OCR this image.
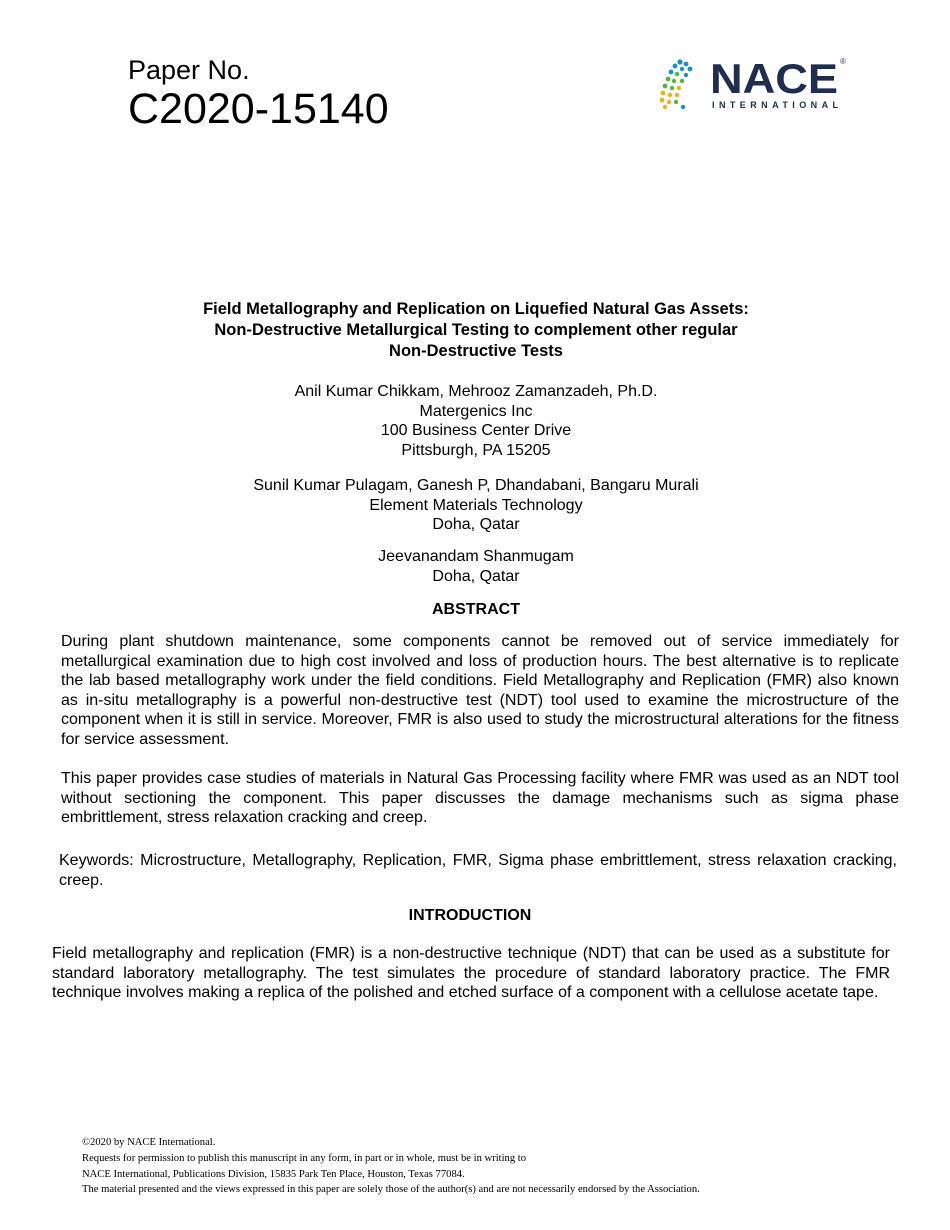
Paper No.
C2020-15140
NACE
INTERNATIONAL
®
Field Metallography and Replication on Liquefied Natural Gas Assets:
Non-Destructive Metallurgical Testing to complement other regular
Non-Destructive Tests
Anil Kumar Chikkam, Mehrooz Zamanzadeh, Ph.D.
Matergenics Inc
100 Business Center Drive
Pittsburgh, PA 15205
Sunil Kumar Pulagam, Ganesh P, Dhandabani, Bangaru Murali
Element Materials Technology
Doha, Qatar
Jeevanandam Shanmugam
Doha, Qatar
ABSTRACT
During plant shutdown maintenance, some components cannot be removed out of service immediately for metallurgical examination due to high cost involved and loss of production hours. The best alternative is to replicate the lab based metallography work under the field conditions. Field Metallography and Replication (FMR) also known as in-situ metallography is a powerful non-destructive test (NDT) tool used to examine the microstructure of the component when it is still in service. Moreover, FMR is also used to study the microstructural alterations for the fitness for service assessment.
This paper provides case studies of materials in Natural Gas Processing facility where FMR was used as an NDT tool without sectioning the component. This paper discusses the damage mechanisms such as sigma phase embrittlement, stress relaxation cracking and creep.
Keywords: Microstructure, Metallography, Replication, FMR, Sigma phase embrittlement, stress relaxation cracking, creep.
INTRODUCTION
Field metallography and replication (FMR) is a non-destructive technique (NDT) that can be used as a substitute for standard laboratory metallography. The test simulates the procedure of standard laboratory practice. The FMR technique involves making a replica of the polished and etched surface of a component with a cellulose acetate tape.
©2020 by NACE International.
Requests for permission to publish this manuscript in any form, in part or in whole, must be in writing to
NACE International, Publications Division, 15835 Park Ten Place, Houston, Texas 77084.
The material presented and the views expressed in this paper are solely those of the author(s) and are not necessarily endorsed by the Association.
